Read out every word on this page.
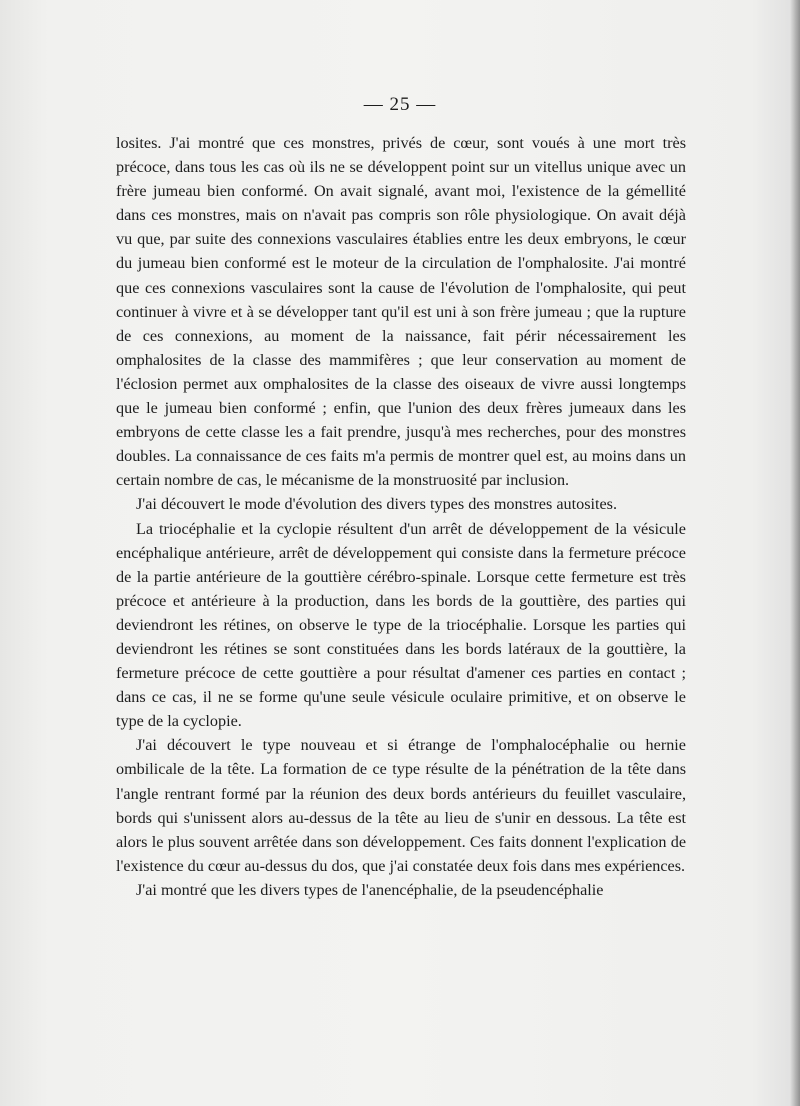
— 25 —

losites. J'ai montré que ces monstres, privés de cœur, sont voués à une mort très précoce, dans tous les cas où ils ne se développent point sur un vitellus unique avec un frère jumeau bien conformé. On avait signalé, avant moi, l'existence de la gémellité dans ces monstres, mais on n'avait pas compris son rôle physiologique. On avait déjà vu que, par suite des connexions vasculaires établies entre les deux embryons, le cœur du jumeau bien conformé est le moteur de la circulation de l'omphalosite. J'ai montré que ces connexions vasculaires sont la cause de l'évolution de l'omphalosite, qui peut continuer à vivre et à se développer tant qu'il est uni à son frère jumeau ; que la rupture de ces connexions, au moment de la naissance, fait périr nécessairement les omphalosites de la classe des mammifères ; que leur conservation au moment de l'éclosion permet aux omphalosites de la classe des oiseaux de vivre aussi longtemps que le jumeau bien conformé ; enfin, que l'union des deux frères jumeaux dans les embryons de cette classe les a fait prendre, jusqu'à mes recherches, pour des monstres doubles. La connaissance de ces faits m'a permis de montrer quel est, au moins dans un certain nombre de cas, le mécanisme de la monstruosité par inclusion.

J'ai découvert le mode d'évolution des divers types des monstres autosites.

La triocéphalie et la cyclopie résultent d'un arrêt de développement de la vésicule encéphalique antérieure, arrêt de développement qui consiste dans la fermeture précoce de la partie antérieure de la gouttière cérébro-spinale. Lorsque cette fermeture est très précoce et antérieure à la production, dans les bords de la gouttière, des parties qui deviendront les rétines, on observe le type de la triocéphalie. Lorsque les parties qui deviendront les rétines se sont constituées dans les bords latéraux de la gouttière, la fermeture précoce de cette gouttière a pour résultat d'amener ces parties en contact ; dans ce cas, il ne se forme qu'une seule vésicule oculaire primitive, et on observe le type de la cyclopie.

J'ai découvert le type nouveau et si étrange de l'omphalocéphalie ou hernie ombilicale de la tête. La formation de ce type résulte de la pénétration de la tête dans l'angle rentrant formé par la réunion des deux bords antérieurs du feuillet vasculaire, bords qui s'unissent alors au-dessus de la tête au lieu de s'unir en dessous. La tête est alors le plus souvent arrêtée dans son développement. Ces faits donnent l'explication de l'existence du cœur au-dessus du dos, que j'ai constatée deux fois dans mes expériences.

J'ai montré que les divers types de l'anencéphalie, de la pseudencéphalie
